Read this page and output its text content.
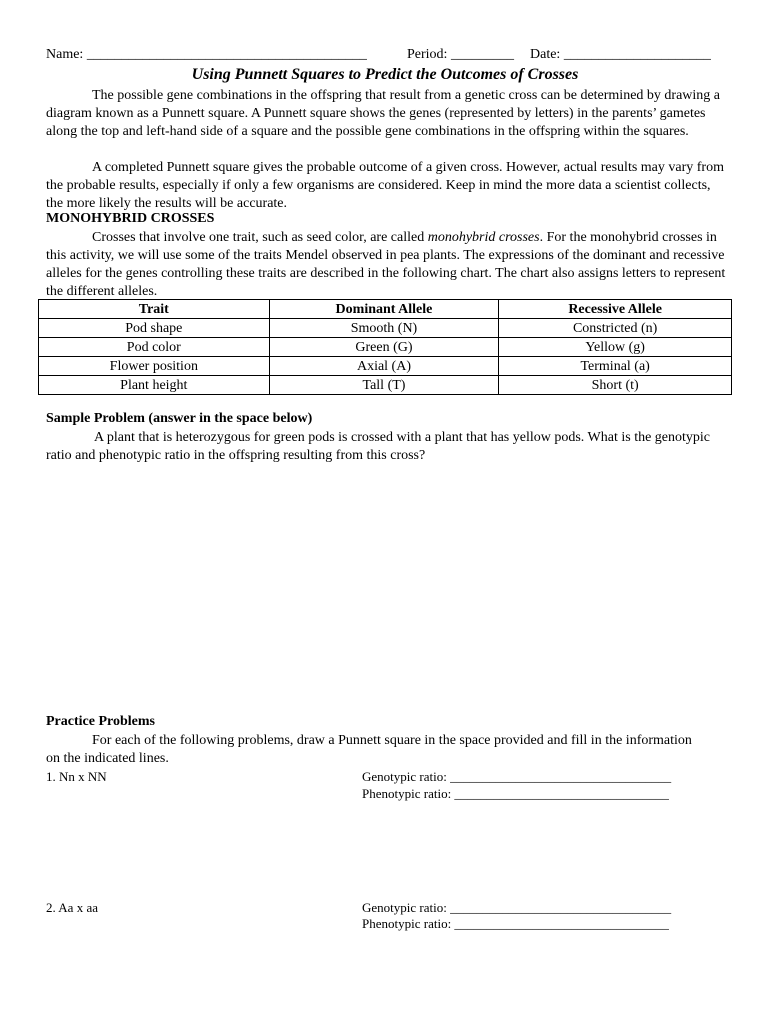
Name: ________________________________________	Period: _________ Date: _____________________
Using Punnett Squares to Predict the Outcomes of Crosses
The possible gene combinations in the offspring that result from a genetic cross can be determined by drawing a diagram known as a Punnett square. A Punnett square shows the genes (represented by letters) in the parents’ gametes along the top and left-hand side of a square and the possible gene combinations in the offspring within the squares.
A completed Punnett square gives the probable outcome of a given cross. However, actual results may vary from the probable results, especially if only a few organisms are considered. Keep in mind the more data a scientist collects, the more likely the results will be accurate.
MONOHYBRID CROSSES
Crosses that involve one trait, such as seed color, are called monohybrid crosses. For the monohybrid crosses in this activity, we will use some of the traits Mendel observed in pea plants. The expressions of the dominant and recessive alleles for the genes controlling these traits are described in the following chart. The chart also assigns letters to represent the different alleles.
Trait	Dominant Allele	Recessive Allele
Pod shape	Smooth (N)	Constricted (n)
Pod color	Green (G)	Yellow (g)
Flower position	Axial (A)	Terminal (a)
Plant height	Tall (T)	Short (t)
Sample Problem (answer in the space below)
A plant that is heterozygous for green pods is crossed with a plant that has yellow pods. What is the genotypic ratio and phenotypic ratio in the offspring resulting from this cross?
Practice Problems
For each of the following problems, draw a Punnett square in the space provided and fill in the information on the indicated lines.
1. Nn x NN	Genotypic ratio: __________________________________
Phenotypic ratio: _________________________________
2. Aa x aa	Genotypic ratio: __________________________________
Phenotypic ratio: _________________________________
